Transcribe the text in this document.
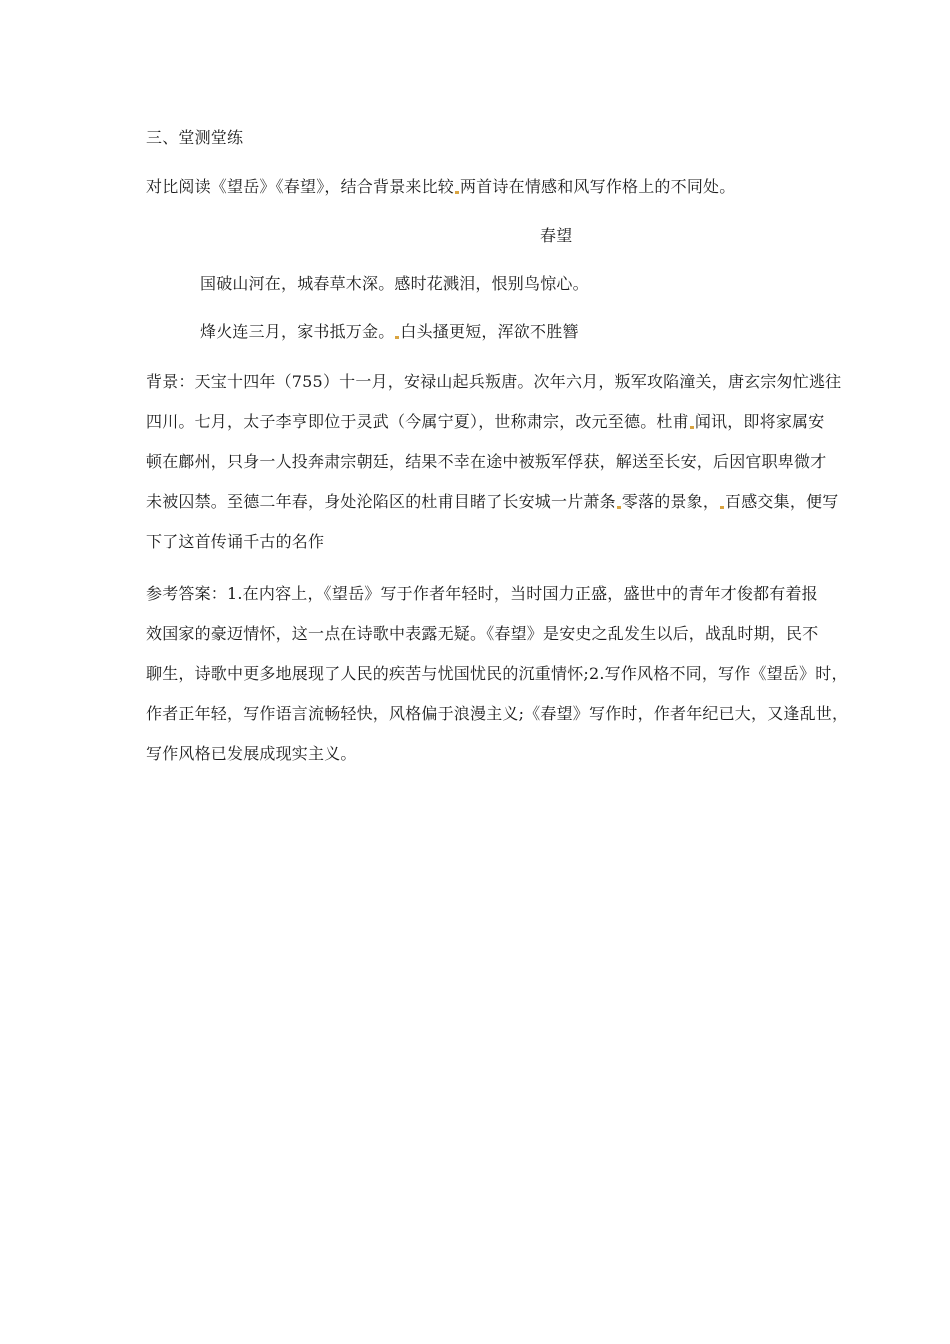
三、堂测堂练
对比阅读《望岳》《春望》，结合背景来比较 两首诗在情感和风写作格上的不同处。
春望
国破山河在，城春草木深。感时花溅泪，恨别鸟惊心。
烽火连三月，家书抵万金。 白头搔更短，浑欲不胜簪
背景：天宝十四年（755）十一月，安禄山起兵叛唐。次年六月，叛军攻陷潼关，唐玄宗匆忙逃往
四川。七月，太子李亨即位于灵武（今属宁夏），世称肃宗，改元至德。杜甫 闻讯，即将家属安
顿在鄜州，只身一人投奔肃宗朝廷，结果不幸在途中被叛军俘获，解送至长安，后因官职卑微才
未被囚禁。至德二年春，身处沦陷区的杜甫目睹了长安城一片萧条 零落的景象， 百感交集，便写
下了这首传诵千古的名作
参考答案：1.在内容上，《望岳》写于作者年轻时，当时国力正盛，盛世中的青年才俊都有着报
效国家的豪迈情怀，这一点在诗歌中表露无疑。《春望》是安史之乱发生以后，战乱时期，民不
聊生，诗歌中更多地展现了人民的疾苦与忧国忧民的沉重情怀;2.写作风格不同，写作《望岳》时，
作者正年轻，写作语言流畅轻快，风格偏于浪漫主义;《春望》写作时，作者年纪已大，又逢乱世，
写作风格已发展成现实主义。
